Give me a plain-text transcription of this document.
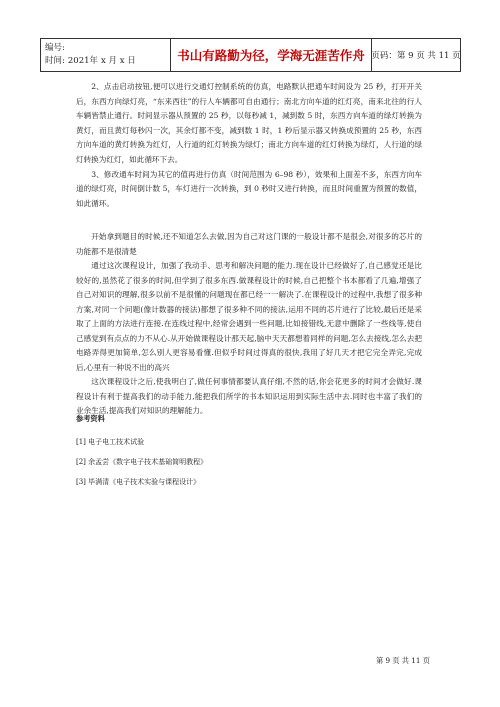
编号:
时间: 2021年 x 月 x 日	书山有路勤为径，学海无涯苦作舟 页码： 第 9 页 共 11 页

2、点击启动按钮,便可以进行交通灯控制系统的仿真，电路默认把通车时间设为 25 秒，打开开关后，东西方向绿灯亮，“东来西往”的行人车辆都可自由通行；南北方向车道的红灯亮，南来北往的行人车辆皆禁止通行。时间显示器从预置的 25 秒，以每秒减 1，减到数 5 时，东西方向车道的绿灯转换为黄灯，而且黄灯每秒闪一次，其余灯都不变，减到数 1 时，1 秒后显示器又转换成预置的 25 秒，东西方向车道的黄灯转换为红灯，人行道的红灯转换为绿灯；南北方向车道的红灯转换为绿灯，人行道的绿灯转换为红灯，如此循环下去。

3、修改通车时间为其它的值再进行仿真（时间范围为 6–98 秒），效果和上面差不多，东西方向车道的绿灯亮，时间倒计数 5，车灯进行一次转换，到 0 秒时又进行转换，而且时间重置为预置的数值，如此循环。

开始拿到题目的时候,还不知道怎么去做,因为自己对这门课的一般设计都不是很会,对很多的芯片的功能都不是很清楚

通过这次课程设计，加强了我动手、思考和解决问题的能力.现在设计已经做好了,自己感觉还是比较好的,虽然花了很多的时间,但学到了很多东西.做课程设计的时候,自己把整个书本都看了几遍,增强了自己对知识的理解,很多以前不是很懂的问题现在都已经一一解决了.在课程设计的过程中,我想了很多种方案,对同一个问题(像计数器的接法)都想了很多种不同的接法,运用不同的芯片进行了比较,最后还是采取了上面的方法进行连接.在连线过程中,经常会遇到一些问题,比如接错线,无意中删除了一些线等,使自己感觉到有点点的力不从心.从开始做课程设计那天起,脑中天天都想着同样的问题,怎么去接线,怎么去把电路弄得更加简单,怎么别人更容易看懂.但似乎时间过得真的很快,我用了好几天才把它完全弄完,完成后,心里有一种说不出的高兴

这次课程设计之后,使我明白了,做任何事情都要认真仔细,不然的话,你会花更多的时间才会做好.课程设计有利于提高我们的动手能力,能把我们所学的书本知识运用到实际生活中去.同时也丰富了我们的业余生活,提高我们对知识的理解能力。

参考资料
[1] 电子电工技术试验
[2] 余孟尝《数字电子技术基础简明教程》
[3] 毕满清《电子技术实验与课程设计》
第 9 页 共 11 页
